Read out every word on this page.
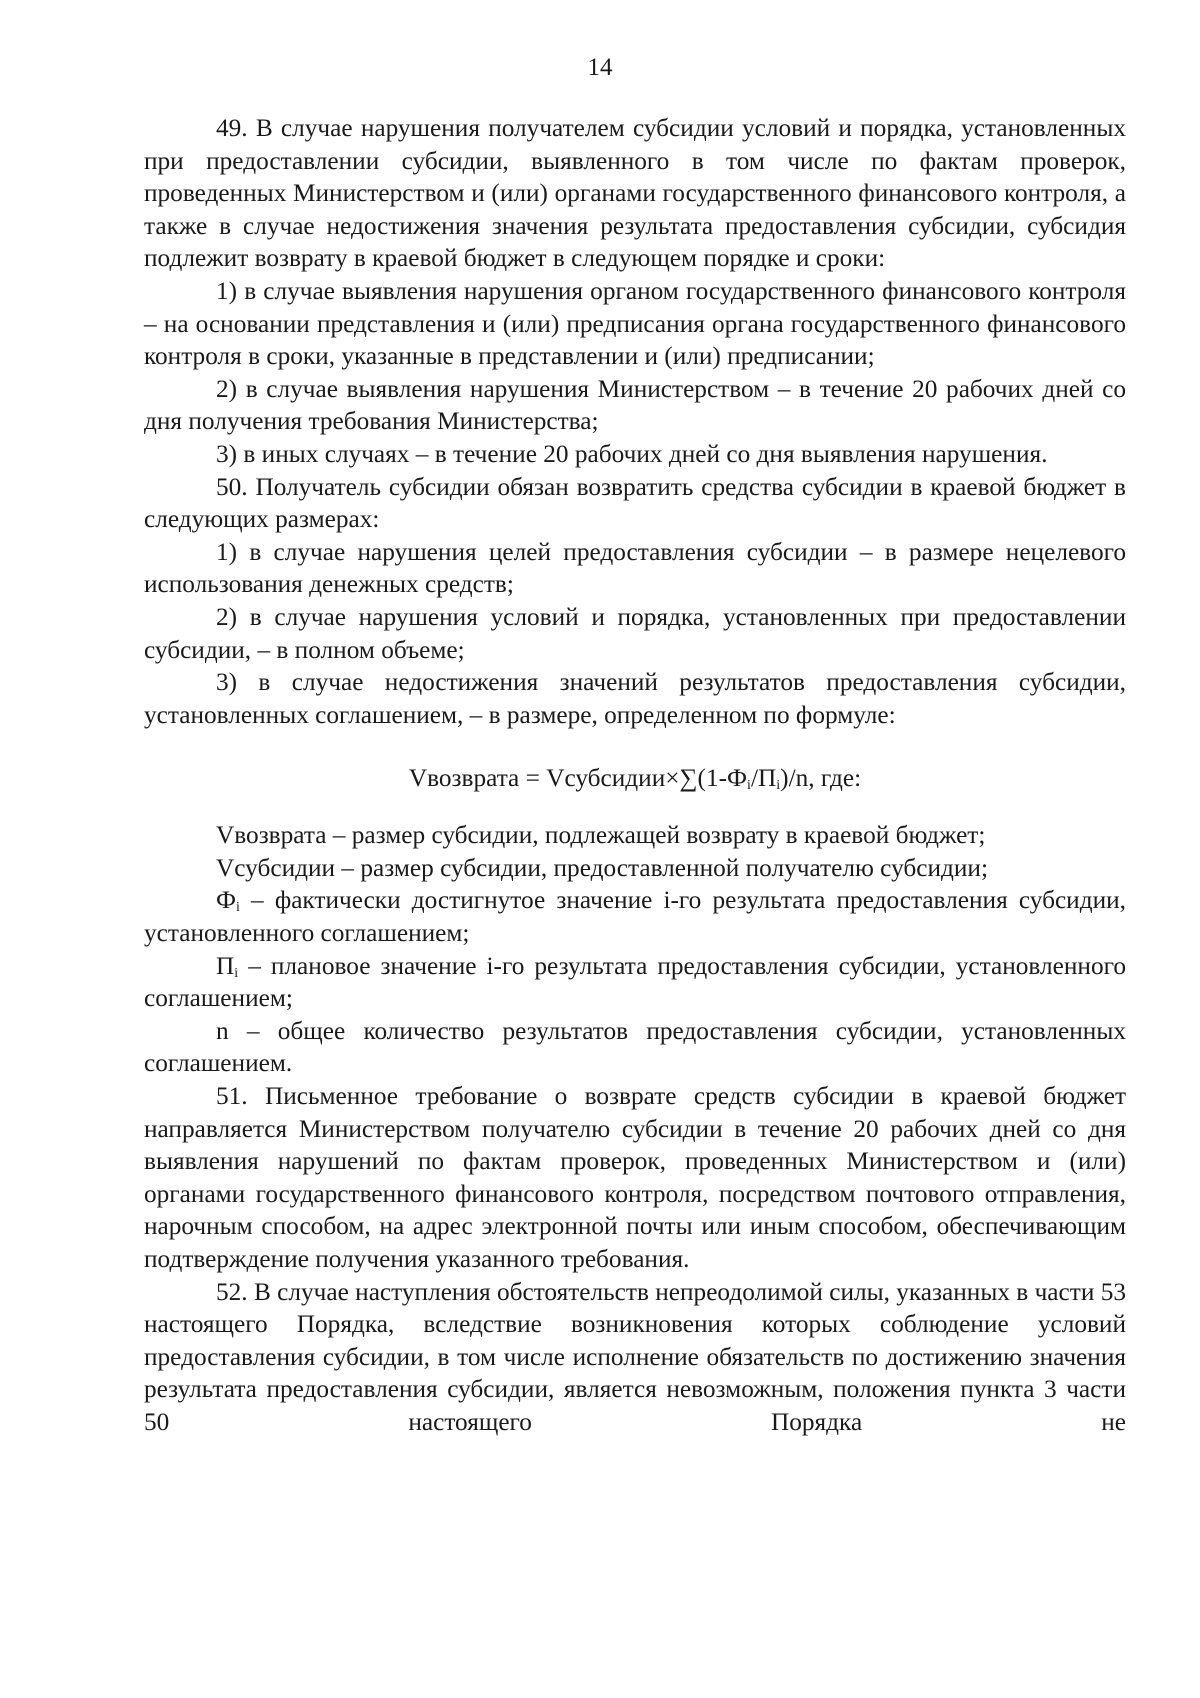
14

49. В случае нарушения получателем субсидии условий и порядка, установленных при предоставлении субсидии, выявленного в том числе по фактам проверок, проведенных Министерством и (или) органами государственного финансового контроля, а также в случае недостижения значения результата предоставления субсидии, субсидия подлежит возврату в краевой бюджет в следующем порядке и сроки:

1) в случае выявления нарушения органом государственного финансового контроля – на основании представления и (или) предписания органа государственного финансового контроля в сроки, указанные в представлении и (или) предписании;

2) в случае выявления нарушения Министерством – в течение 20 рабочих дней со дня получения требования Министерства;

3) в иных случаях – в течение 20 рабочих дней со дня выявления нарушения.

50. Получатель субсидии обязан возвратить средства субсидии в краевой бюджет в следующих размерах:

1) в случае нарушения целей предоставления субсидии – в размере нецелевого использования денежных средств;

2) в случае нарушения условий и порядка, установленных при предоставлении субсидии, – в полном объеме;

3) в случае недостижения значений результатов предоставления субсидии, установленных соглашением, – в размере, определенном по формуле:

Vвозврата = $Vсубсидии\times\sum(1-Ф_i/П_i)/n$, где:

Vвозврата – размер субсидии, подлежащей возврату в краевой бюджет;

Vсубсидии – размер субсидии, предоставленной получателю субсидии;

$Ф_i$ – фактически достигнутое значение i-го результата предоставления субсидии, установленного соглашением;

$П_i$ – плановое значение i-го результата предоставления субсидии, установленного соглашением;

n – общее количество результатов предоставления субсидии, установленных соглашением.

51. Письменное требование о возврате средств субсидии в краевой бюджет направляется Министерством получателю субсидии в течение 20 рабочих дней со дня выявления нарушений по фактам проверок, проведенных Министерством и (или) органами государственного финансового контроля, посредством почтового отправления, нарочным способом, на адрес электронной почты или иным способом, обеспечивающим подтверждение получения указанного требования.

52. В случае наступления обстоятельств непреодолимой силы, указанных в части 53 настоящего Порядка, вследствие возникновения которых соблюдение условий предоставления субсидии, в том числе исполнение обязательств по достижению значения результата предоставления субсидии, является невозможным, положения пункта 3 части 50 настоящего Порядка не
